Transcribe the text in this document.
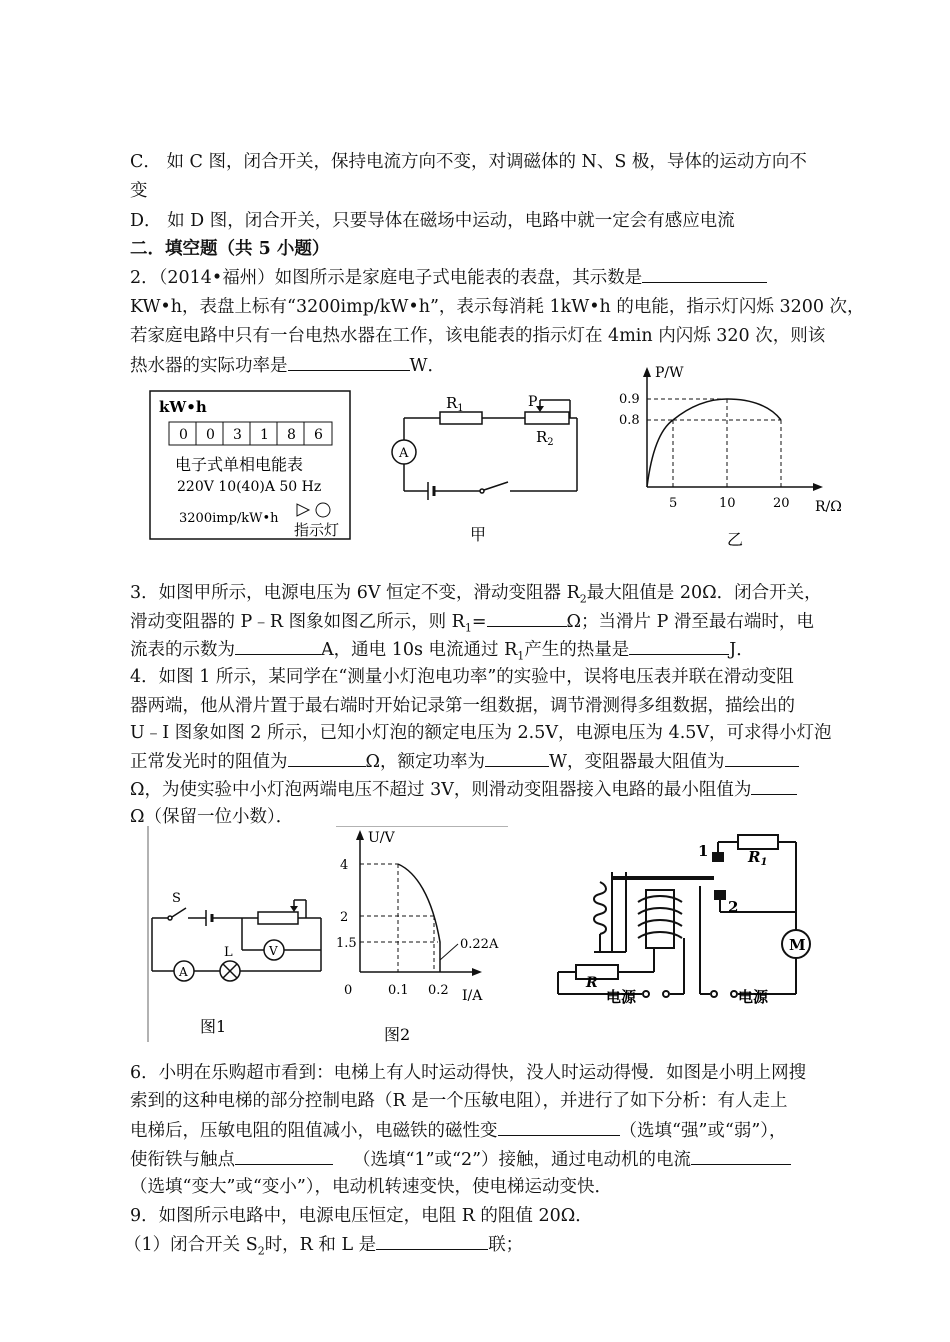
C． 如 C 图，闭合开关，保持电流方向不变，对调磁体的 N、S 极，导体的运动方向不
变
D． 如 D 图，闭合开关，只要导体在磁场中运动，电路中就一定会有感应电流
二．填空题（共 5 小题）
2．（2014•福州）如图所示是家庭电子式电能表的表盘，其示数是
KW•h，表盘上标有“3200imp/kW•h”，表示每消耗 1kW•h 的电能，指示灯闪烁 3200 次，
若家庭电路中只有一台电热水器在工作，该电能表的指示灯在 4min 内闪烁 320 次，则该
热水器的实际功率是	W．
3．如图甲所示，电源电压为 6V 恒定不变，滑动变阻器 $R_2$最大阻值是 20Ω．闭合开关，
滑动变阻器的 P﹣R 图象如图乙所示，则 $R_1=$	Ω；当滑片 P 滑至最右端时，电
流表的示数为	A，通电 10s 电流通过 $R_1$产生的热量是	J．
4．如图 1 所示，某同学在“测量小灯泡电功率”的实验中，误将电压表并联在滑动变阻
器两端，他从滑片置于最右端时开始记录第一组数据，调节滑测得多组数据，描绘出的
U﹣I 图象如图 2 所示，已知小灯泡的额定电压为 2.5V，电源电压为 4.5V，可求得小灯泡
正常发光时的阻值为	Ω，额定功率为	W，变阻器最大阻值为
Ω，为使实验中小灯泡两端电压不超过 3V，则滑动变阻器接入电路的最小阻值为
Ω（保留一位小数）．
6．小明在乐购超市看到：电梯上有人时运动得快，没人时运动得慢．如图是小明上网搜
索到的这种电梯的部分控制电路（R 是一个压敏电阻），并进行了如下分析：有人走上
电梯后，压敏电阻的阻值减小，电磁铁的磁性变	（选填“强”或“弱”），
使衔铁与触点	（选填“1”或“2”）接触，通过电动机的电流
（选填“变大”或“变小”），电动机转速变快，使电梯运动变快．
9．如图所示电路中，电源电压恒定，电阻 R 的阻值 20Ω．
（1）闭合开关 $S_2$时，R 和 L 是	联；
kW•h
0 0 3 1 8 6
电子式单相电能表
220V 10(40)A 50 Hz
3200imp/kW•h
指示灯
$R_1$	P
$R_2$
A
甲
P/W
R/Ω
0.9
0.8
5	10	20
乙
S
L
A
V
图1
U/V
I/A
4
2
1.5
0	0.1 0.2
0.22A
图2
1
2
$R_1$
M
R
电源	电源
